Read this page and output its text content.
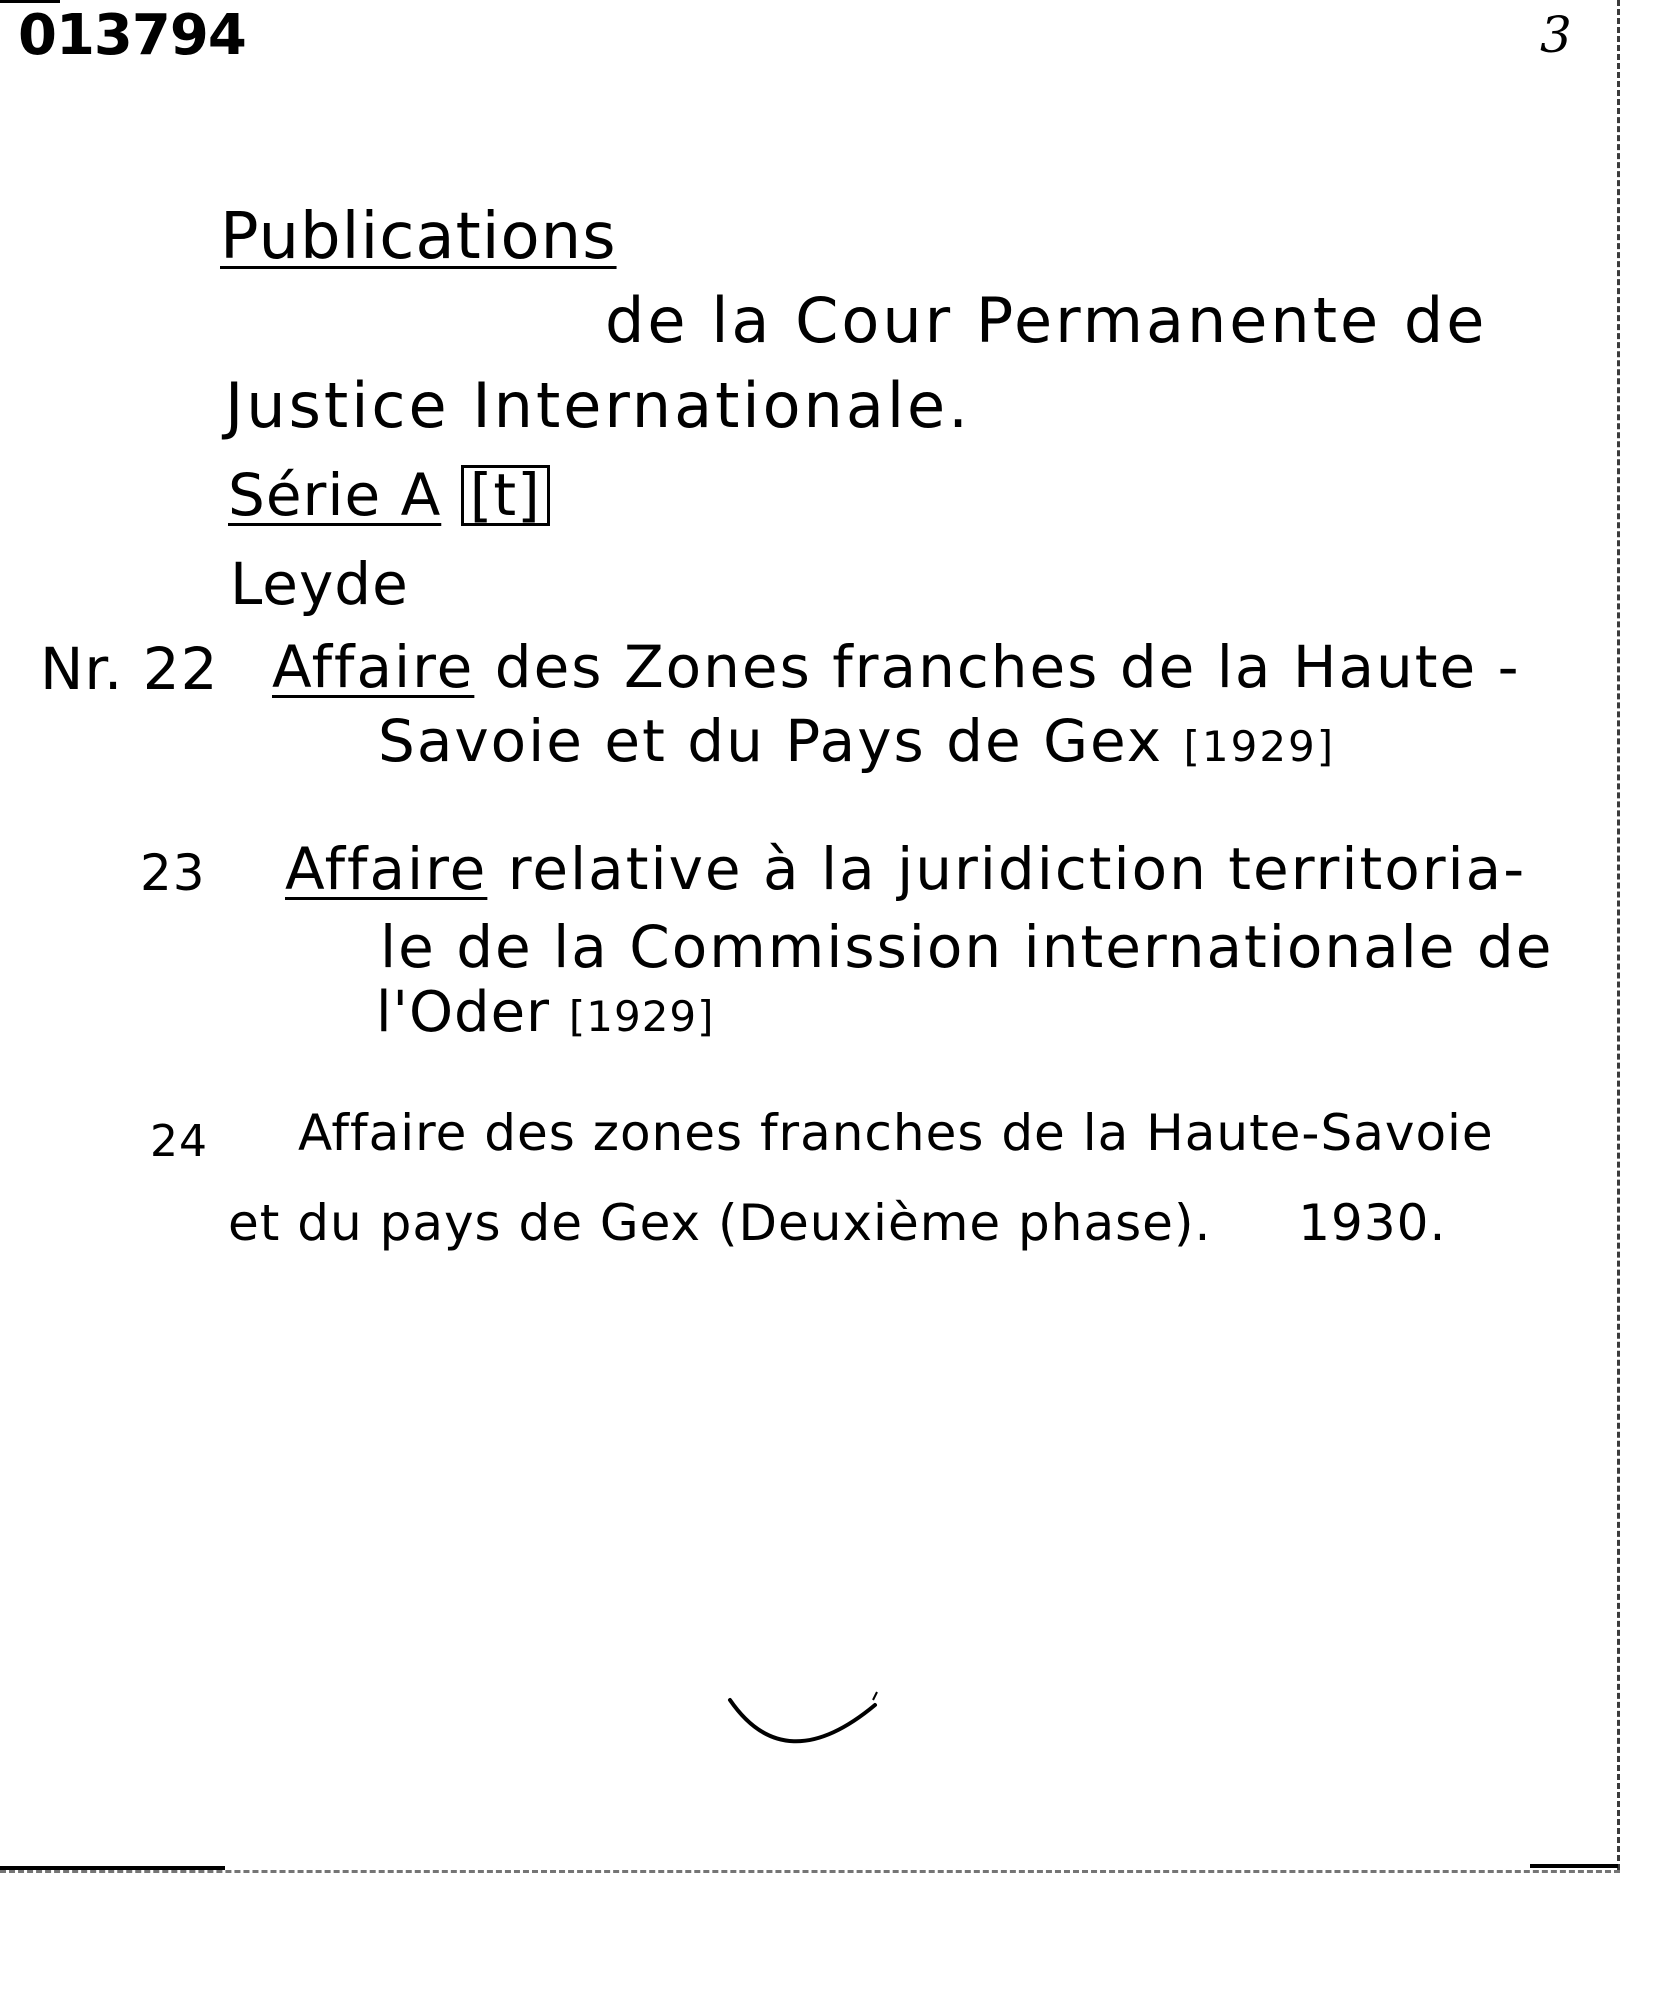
013794	3
Publications
de la Cour Permanente de
Justice Internationale.
Série A [t]
Leyde
Nr. 22 Affaire des Zones franches de la Haute -
Savoie et du Pays de Gex [1929]
23 Affaire relative à la juridiction territoria-
le de la Commission internationale de
l'Oder [1929]
24 Affaire des zones franches de la Haute-Savoie
et du pays de Gex (Deuxième phase). 1930.
